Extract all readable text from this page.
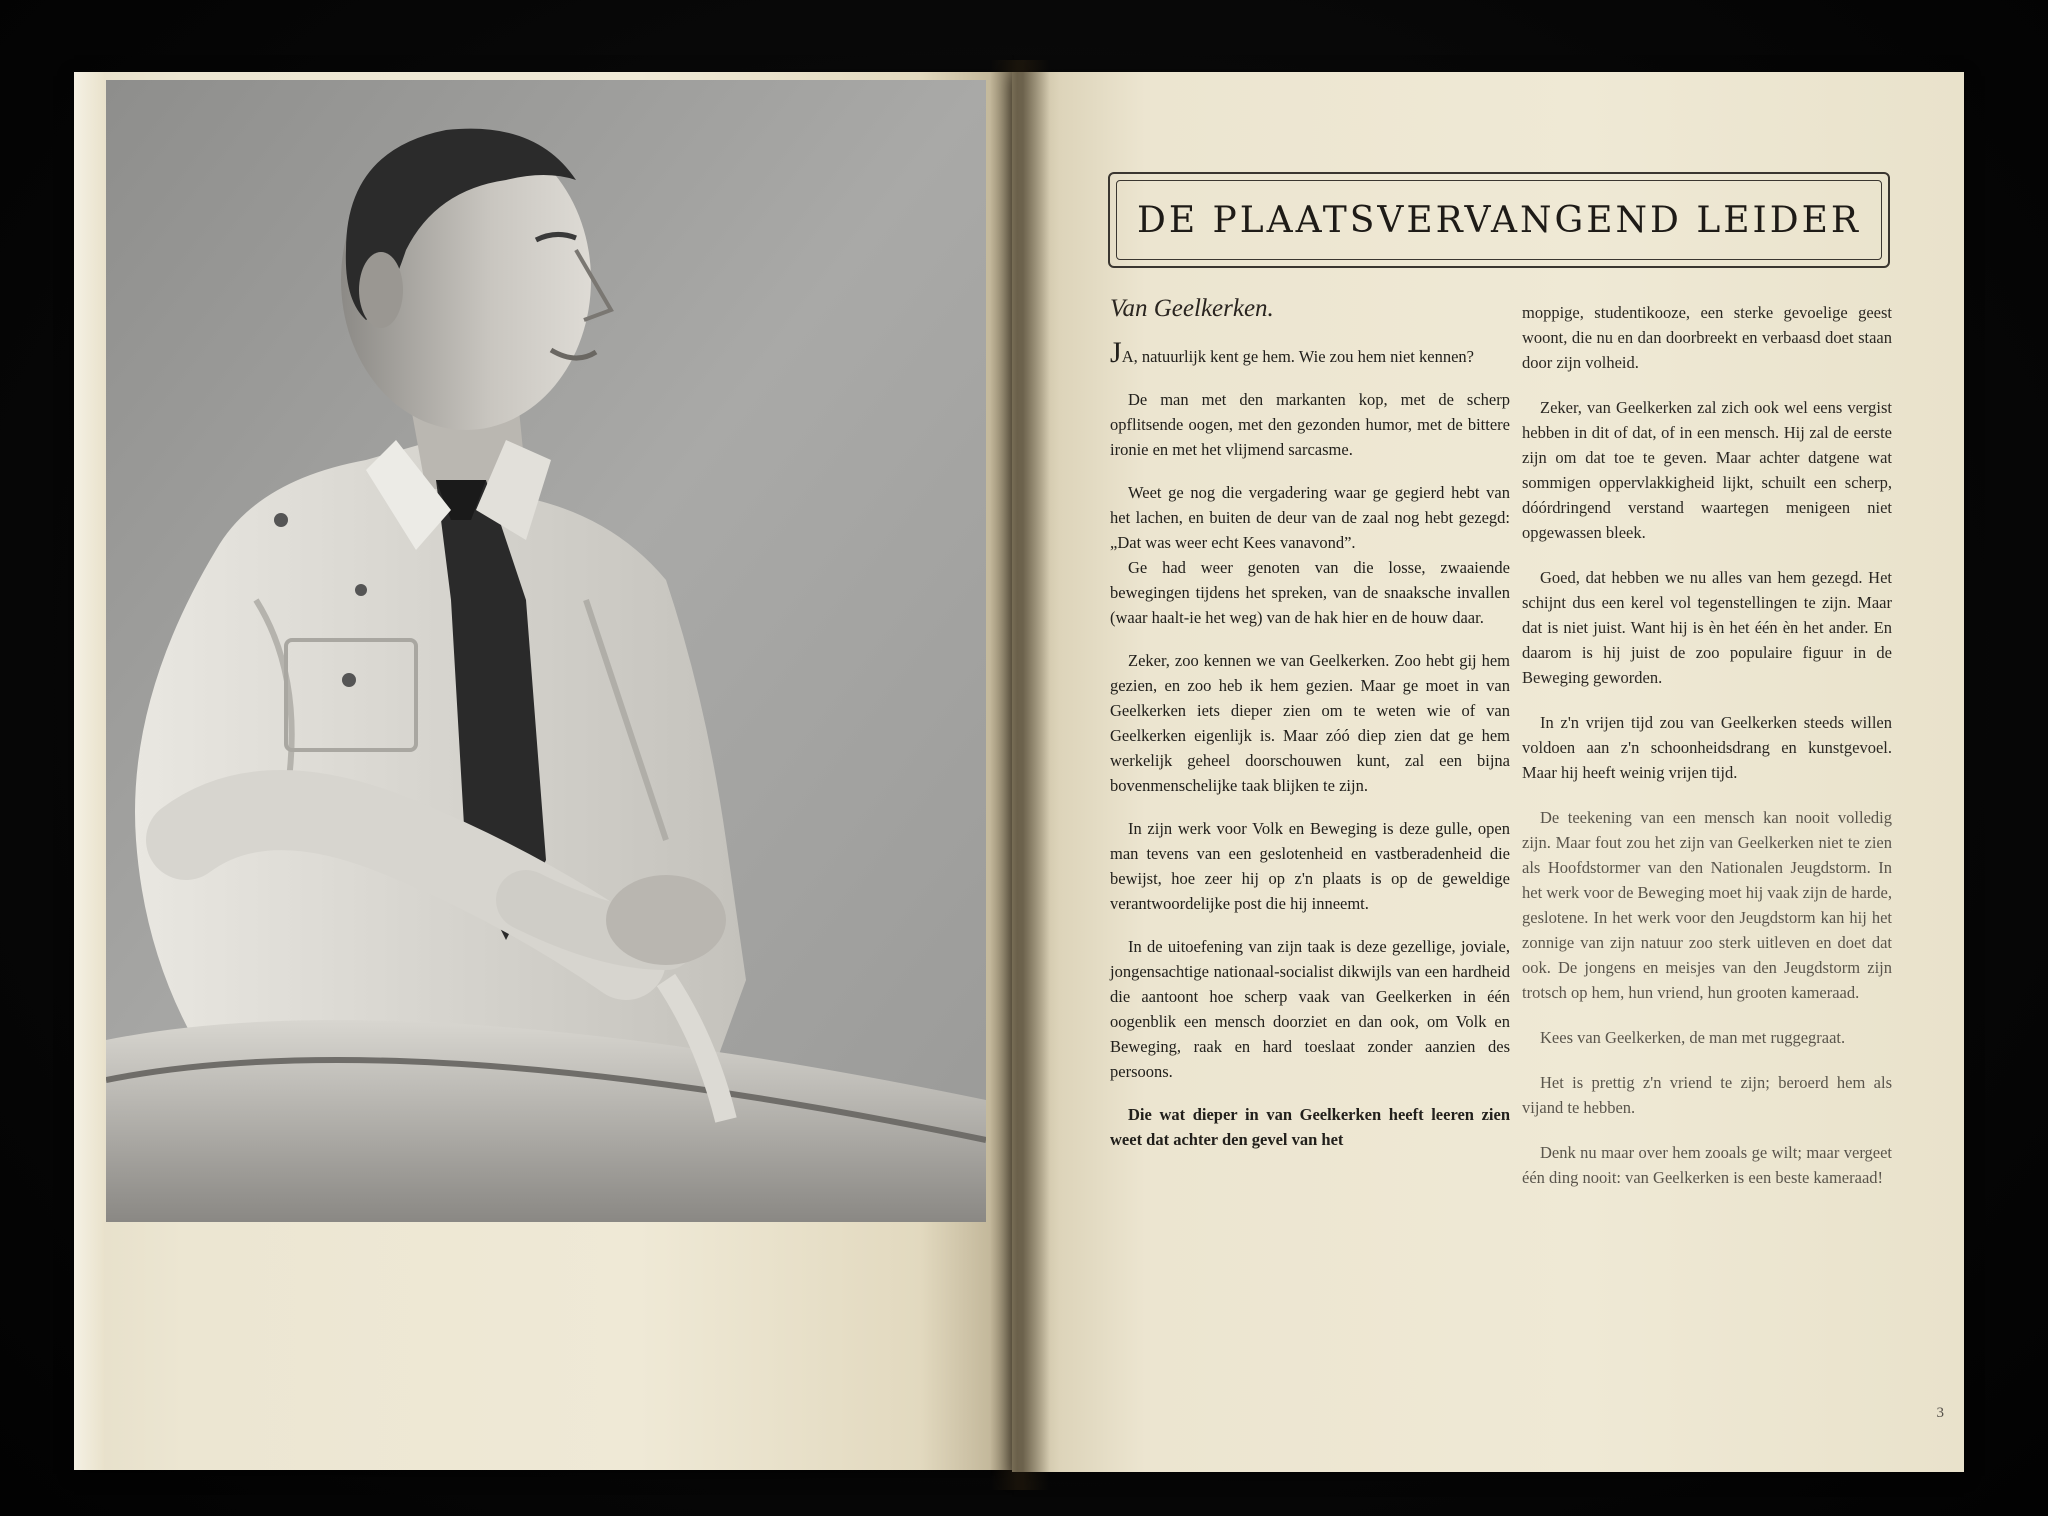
DE PLAATSVERVANGEND LEIDER
Van Geelkerken.

JA, natuurlijk kent ge hem. Wie zou hem niet kennen?

De man met den markanten kop, met de scherp opflitsende oogen, met den gezonden humor, met de bittere ironie en met het vlijmend sarcasme.

Weet ge nog die vergadering waar ge gegierd hebt van het lachen, en buiten de deur van de zaal nog hebt gezegd: „Dat was weer echt Kees vanavond”.

Ge had weer genoten van die losse, zwaaiende bewegingen tijdens het spreken, van de snaaksche invallen (waar haalt-ie het weg) van de hak hier en de houw daar.

Zeker, zoo kennen we van Geelkerken. Zoo hebt gij hem gezien, en zoo heb ik hem gezien. Maar ge moet in van Geelkerken iets dieper zien om te weten wie of van Geelkerken eigenlijk is. Maar zóó diep zien dat ge hem werkelijk geheel doorschouwen kunt, zal een bijna bovenmenschelijke taak blijken te zijn.

In zijn werk voor Volk en Beweging is deze gulle, open man tevens van een geslotenheid en vastberadenheid die bewijst, hoe zeer hij op z'n plaats is op de geweldige verantwoordelijke post die hij inneemt.

In de uitoefening van zijn taak is deze gezellige, joviale, jongensachtige nationaal-socialist dikwijls van een hardheid die aantoont hoe scherp vaak van Geelkerken in één oogenblik een mensch doorziet en dan ook, om Volk en Beweging, raak en hard toeslaat zonder aanzien des persoons.

Die wat dieper in van Geelkerken heeft leeren zien weet dat achter den gevel van het

moppige, studentikooze, een sterke gevoelige geest woont, die nu en dan doorbreekt en verbaasd doet staan door zijn volheid.

Zeker, van Geelkerken zal zich ook wel eens vergist hebben in dit of dat, of in een mensch. Hij zal de eerste zijn om dat toe te geven. Maar achter datgene wat sommigen oppervlakkigheid lijkt, schuilt een scherp, dóórdringend verstand waartegen menigeen niet opgewassen bleek.

Goed, dat hebben we nu alles van hem gezegd. Het schijnt dus een kerel vol tegenstellingen te zijn. Maar dat is niet juist. Want hij is èn het één èn het ander. En daarom is hij juist de zoo populaire figuur in de Beweging geworden.

In z'n vrijen tijd zou van Geelkerken steeds willen voldoen aan z'n schoonheidsdrang en kunstgevoel. Maar hij heeft weinig vrijen tijd.

De teekening van een mensch kan nooit volledig zijn. Maar fout zou het zijn van Geelkerken niet te zien als Hoofdstormer van den Nationalen Jeugdstorm. In het werk voor de Beweging moet hij vaak zijn de harde, geslotene. In het werk voor den Jeugdstorm kan hij het zonnige van zijn natuur zoo sterk uitleven en doet dat ook. De jongens en meisjes van den Jeugdstorm zijn trotsch op hem, hun vriend, hun grooten kameraad.

Kees van Geelkerken, de man met ruggegraat.

Het is prettig z'n vriend te zijn; beroerd hem als vijand te hebben.

Denk nu maar over hem zooals ge wilt; maar vergeet één ding nooit: van Geelkerken is een beste kameraad!

3
